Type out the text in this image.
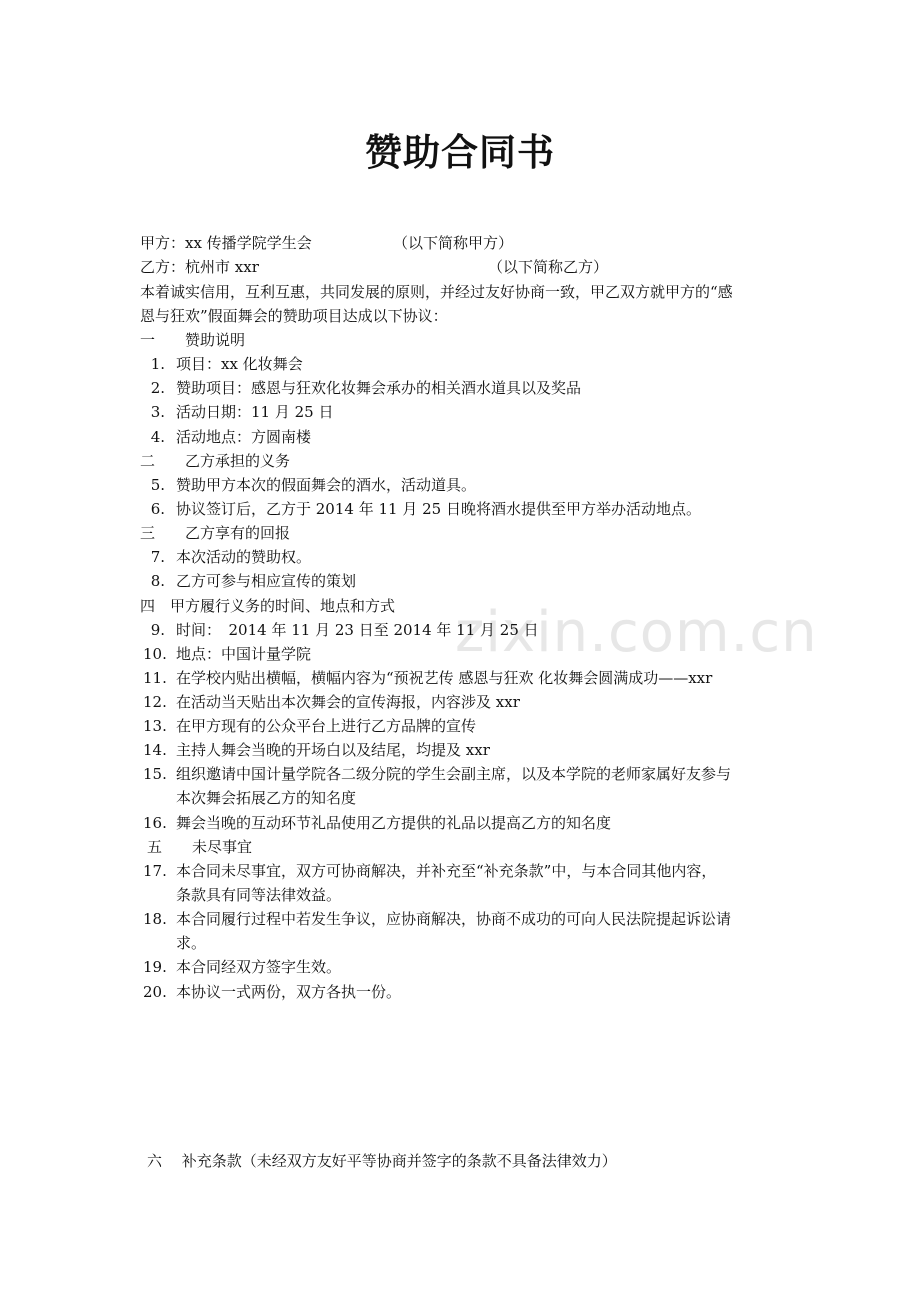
zixin.com.cn
赞助合同书
甲方：xx 传播学院学生会	（以下简称甲方）
乙方：杭州市 xxr	（以下简称乙方）
本着诚实信用，互利互惠，共同发展的原则，并经过友好协商一致，甲乙双方就甲方的“感
恩与狂欢”假面舞会的赞助项目达成以下协议：
一　　赞助说明
1. 项目：xx 化妆舞会
2. 赞助项目：感恩与狂欢化妆舞会承办的相关酒水道具以及奖品
3. 活动日期：11 月 25 日
4. 活动地点：方圆南楼
二　　乙方承担的义务
5. 赞助甲方本次的假面舞会的酒水，活动道具。
6. 协议签订后，乙方于 2014 年 11 月 25 日晚将酒水提供至甲方举办活动地点。
三　　乙方享有的回报
7. 本次活动的赞助权。
8. 乙方可参与相应宣传的策划
四　甲方履行义务的时间、地点和方式
9. 时间：　2014 年 11 月 23 日至 2014 年 11 月 25 日
10. 地点：中国计量学院
11. 在学校内贴出横幅，横幅内容为“预祝艺传 感恩与狂欢 化妆舞会圆满成功——xxr
12. 在活动当天贴出本次舞会的宣传海报，内容涉及 xxr
13. 在甲方现有的公众平台上进行乙方品牌的宣传
14. 主持人舞会当晚的开场白以及结尾，均提及 xxr
15. 组织邀请中国计量学院各二级分院的学生会副主席，以及本学院的老师家属好友参与
本次舞会拓展乙方的知名度
16. 舞会当晚的互动环节礼品使用乙方提供的礼品以提高乙方的知名度
五　　未尽事宜
17. 本合同未尽事宜，双方可协商解决，并补充至“补充条款”中，与本合同其他内容，
条款具有同等法律效益。
18. 本合同履行过程中若发生争议，应协商解决，协商不成功的可向人民法院提起诉讼请
求。
19. 本合同经双方签字生效。
20. 本协议一式两份，双方各执一份。
六　 补充条款（未经双方友好平等协商并签字的条款不具备法律效力）
